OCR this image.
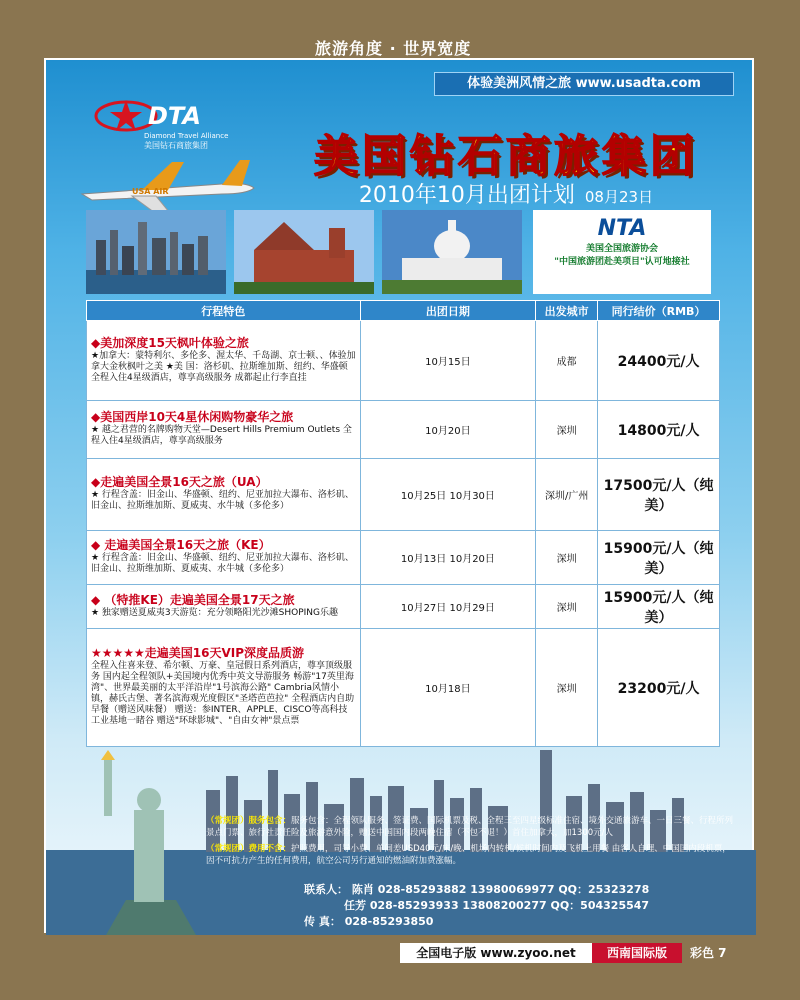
旅游角度 · 世界宽度
体验美洲风情之旅 www.usadta.com
DTA
Diamond Travel Alliance
美国钻石商旅集团
USA AIR
美国钻石商旅集团
2010年10月出团计划 08月23日
NTA
美国全国旅游协会
"中国旅游团赴美项目"认可地接社
行程特色	出团日期	出发城市	同行结价（RMB）

◆美加深度15天枫叶体验之旅
★加拿大：蒙特利尔、多伦多、渥太华、千岛湖、京士顿、、体验加拿大金秋枫叶之美 ★美 国：洛杉矶、拉斯维加斯、纽约、华盛顿 全程入住4星级酒店，尊享高级服务 成都起止行李直挂	10月15日	成都	24400元/人

◆美国西岸10天4星休闲购物豪华之旅
★ 越之君营的名牌购物天堂—Desert Hills Premium Outlets 全程入住4星级酒店，尊享高级服务	10月20日	深圳	14800元/人

◆走遍美国全景16天之旅（UA）
★ 行程含盖：旧金山、华盛顿、纽约、尼亚加拉大瀑布、洛杉矶、旧金山、拉斯维加斯、夏威夷、水牛城（多伦多）	10月25日 10月30日	深圳/广州	17500元/人（纯美）

◆ 走遍美国全景16天之旅（KE）
★ 行程含盖：旧金山、华盛顿、纽约、尼亚加拉大瀑布、洛杉矶、旧金山、拉斯维加斯、夏威夷、水牛城（多伦多）	10月13日 10月20日	深圳	15900元/人（纯美）

◆ （特推KE）走遍美国全景17天之旅
★ 独家赠送夏威夷3天游览：充分领略阳光沙滩SHOPING乐趣	10月27日 10月29日	深圳	15900元/人（纯美）

★★★★★走遍美国16天VIP深度品质游
全程入住喜来登、希尔顿、万豪、皇冠假日系列酒店，尊享顶级服务 国内起全程领队+美国境内优秀中英文导游服务 畅游"17英里海湾"、世界最美丽的太平洋沿岸"1号滨海公路" Cambria风情小镇，赫氏古堡、著名滨海观光度假区"圣塔芭芭拉" 全程酒店内自助早餐（赠送风味餐） 赠送：参INTER、APPLE、CISCO等高科技工业基地一睹谷 赠送"环球影城"、"自由女神"景点票	10月18日	深圳	23200元/人
（常规团）服务包含：服务包含：全程领队服务、签证费、国际机票及税、全程三至四星级标准住宿、境外交通旅游车、一日三餐、行程所列景点门票、旅行社责任险及旅游意外险，赠送中国国内段两晚住宿（不包不退！）首住加拿大，加1300元/人
（常规团）费用不含：护照费用，司导小费、单间差USD40元/床/晚、机场内转机/候机时间内及飞机上用餐 由客人自理、中国国内段机票，因不可抗力产生的任何费用，航空公司另行通知的燃油附加费涨幅。
联系人： 陈肖 028-85293882 13980069977 QQ：25323278
任芳 028-85293933 13808200277 QQ：504325547
传 真： 028-85293850
全国电子版 www.zyoo.net	西南国际版	彩色 7
